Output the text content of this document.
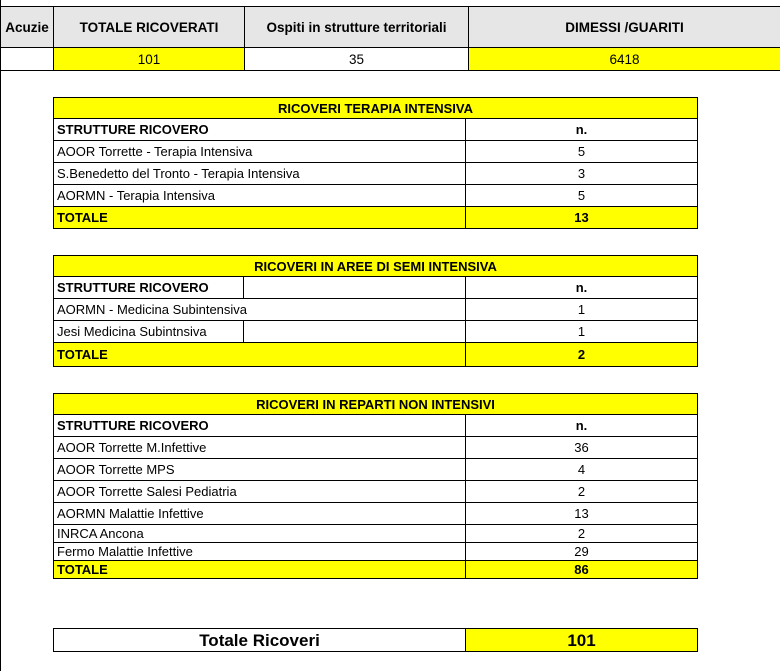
Acuzie	TOTALE RICOVERATI	Ospiti in strutture territoriali	DIMESSI /GUARITI
	101	35	6418
RICOVERI TERAPIA INTENSIVA	
STRUTTURE RICOVERO	n.
AOOR Torrette - Terapia Intensiva	5
S.Benedetto del Tronto - Terapia Intensiva	3
AORMN - Terapia Intensiva	5
TOTALE	13
RICOVERI IN AREE DI SEMI INTENSIVA		
STRUTTURE RICOVERO		n.
AORMN - Medicina Subintensiva		1
Jesi Medicina Subintnsiva		1
TOTALE		2
RICOVERI IN REPARTI NON INTENSIVI	
STRUTTURE RICOVERO	n.
AOOR Torrette M.Infettive	36
AOOR Torrette MPS	4
AOOR Torrette Salesi Pediatria	2
AORMN Malattie Infettive	13
INRCA Ancona	2
Fermo Malattie Infettive	29
TOTALE	86
Totale Ricoveri	101
